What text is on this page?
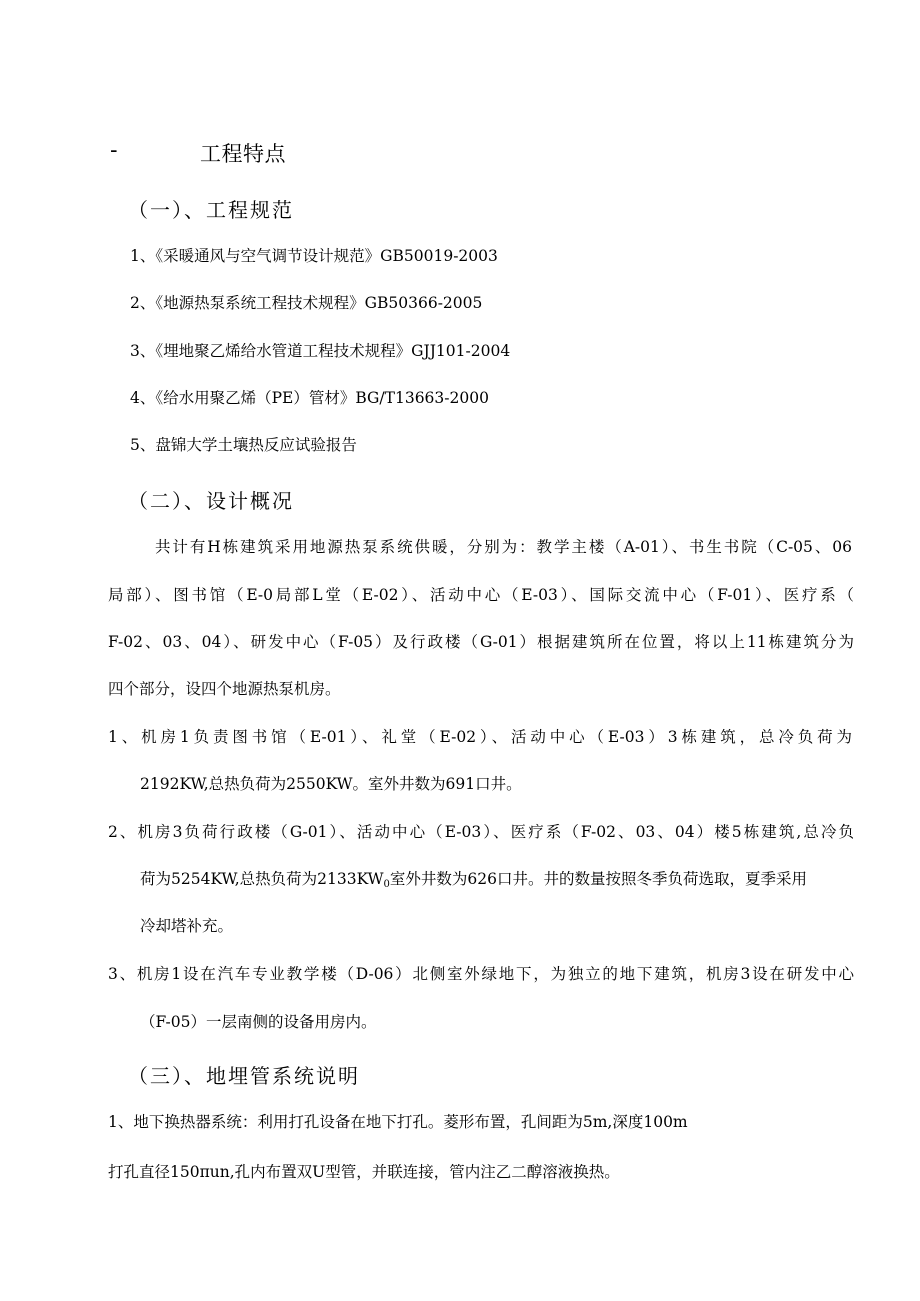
-	工程特点
（一）、工程规范
1、《采暖通风与空气调节设计规范》GB50019-2003
2、《地源热泵系统工程技术规程》GB50366-2005
3、《埋地聚乙烯给水管道工程技术规程》GJJ101-2004
4、《给水用聚乙烯（PE）管材》BG/T13663-2000
5、盘锦大学土壤热反应试验报告
（二）、设计概况
共计有H栋建筑采用地源热泵系统供暖，分别为：教学主楼（A-01）、书生书院（C-05、06
局部）、图书馆（E-0局部L堂（E-02）、活动中心（E-03）、国际交流中心（F-01）、医疗系（
F-02、03、04）、研发中心（F-05）及行政楼（G-01）根据建筑所在位置，将以上11栋建筑分为
四个部分，设四个地源热泵机房。
1、机房1负责图书馆（E-01）、礼堂（E-02）、活动中心（E-03）3栋建筑，总冷负荷为
2192KW,总热负荷为2550KW。室外井数为691口井。
2、机房3负荷行政楼（G-01）、活动中心（E-03）、医疗系（F-02、03、04）楼5栋建筑,总冷负
荷为5254KW,总热负荷为$2133KW_0$室外井数为626口井。井的数量按照冬季负荷选取，夏季采用
冷却塔补充。
3、机房1设在汽车专业教学楼（D-06）北侧室外绿地下，为独立的地下建筑，机房3设在研发中心
（F-05）一层南侧的设备用房内。
（三）、地埋管系统说明
1、地下换热器系统：利用打孔设备在地下打孔。菱形布置，孔间距为5m,深度100m
打孔直径150πun,孔内布置双U型管，并联连接，管内注乙二醇溶液换热。
